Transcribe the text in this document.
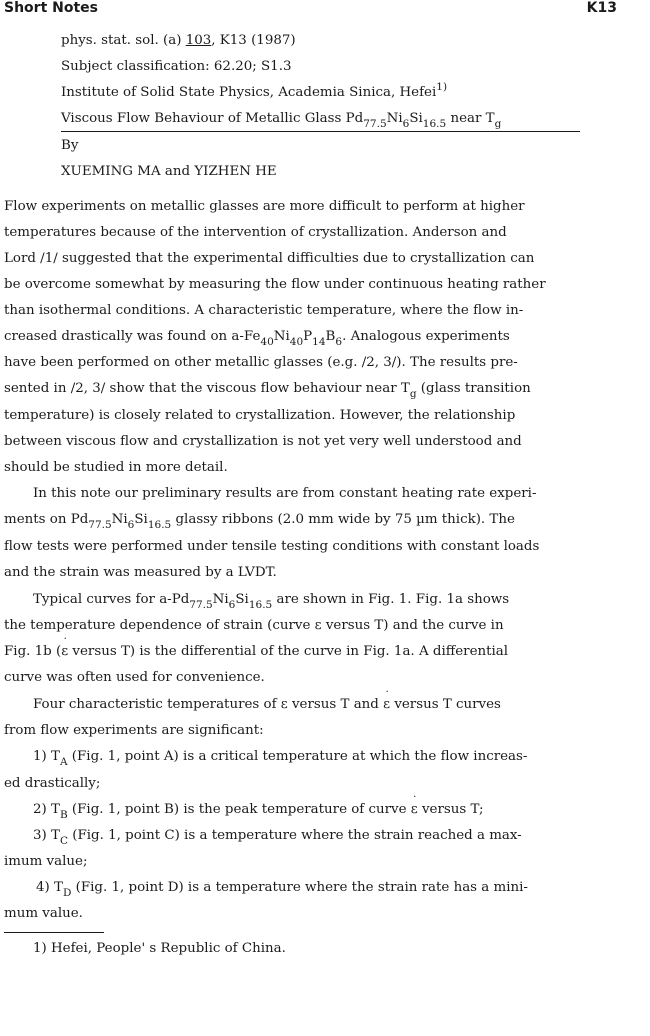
Short Notes	K13
phys. stat. sol. (a) 103, K13 (1987)
Subject classification: 62.20; S1.3
Institute of Solid State Physics, Academia Sinica, Hefei$^{1)}$
Viscous Flow Behaviour of Metallic Glass $Pd_{77.5}Ni_6Si_{16.5}$ near $T_g$
By
XUEMING MA and YIZHEN HE
Flow experiments on metallic glasses are more difficult to perform at higher
temperatures because of the intervention of crystallization. Anderson and
Lord /1/ suggested that the experimental difficulties due to crystallization can
be overcome somewhat by measuring the flow under continuous heating rather
than isothermal conditions. A characteristic temperature, where the flow in-
creased drastically was found on $a-Fe_{40}Ni_{40}P_{14}B_6$. Analogous experiments
have been performed on other metallic glasses (e.g. /2, 3/). The results pre-
sented in /2, 3/ show that the viscous flow behaviour near $T_g$ (glass transition
temperature) is closely related to crystallization. However, the relationship
between viscous flow and crystallization is not yet very well understood and
should be studied in more detail.
In this note our preliminary results are from constant heating rate experi-
ments on $Pd_{77.5}Ni_6Si_{16.5}$ glassy ribbons (2.0 mm wide by 75 µm thick). The
flow tests were performed under tensile testing conditions with constant loads
and the strain was measured by a LVDT.
Typical curves for $a-Pd_{77.5}Ni_6Si_{16.5}$ are shown in Fig. 1. Fig. 1a shows
the temperature dependence of strain (curve ε versus T) and the curve in
Fig. 1b (˙ ε versus T) is the differential of the curve in Fig. 1a. A differential
curve was often used for convenience.
Four characteristic temperatures of ε versus T and ˙ ε versus T curves
from flow experiments are significant:
1) $T_A$ (Fig. 1, point A) is a critical temperature at which the flow increas-
ed drastically;
2) $T_B$ (Fig. 1, point B) is the peak temperature of curve ˙ ε versus T;
3) $T_C$ (Fig. 1, point C) is a temperature where the strain reached a max-
imum value;
4) $T_D$ (Fig. 1, point D) is a temperature where the strain rate has a mini-
mum value.
1) Hefei, People' s Republic of China.
